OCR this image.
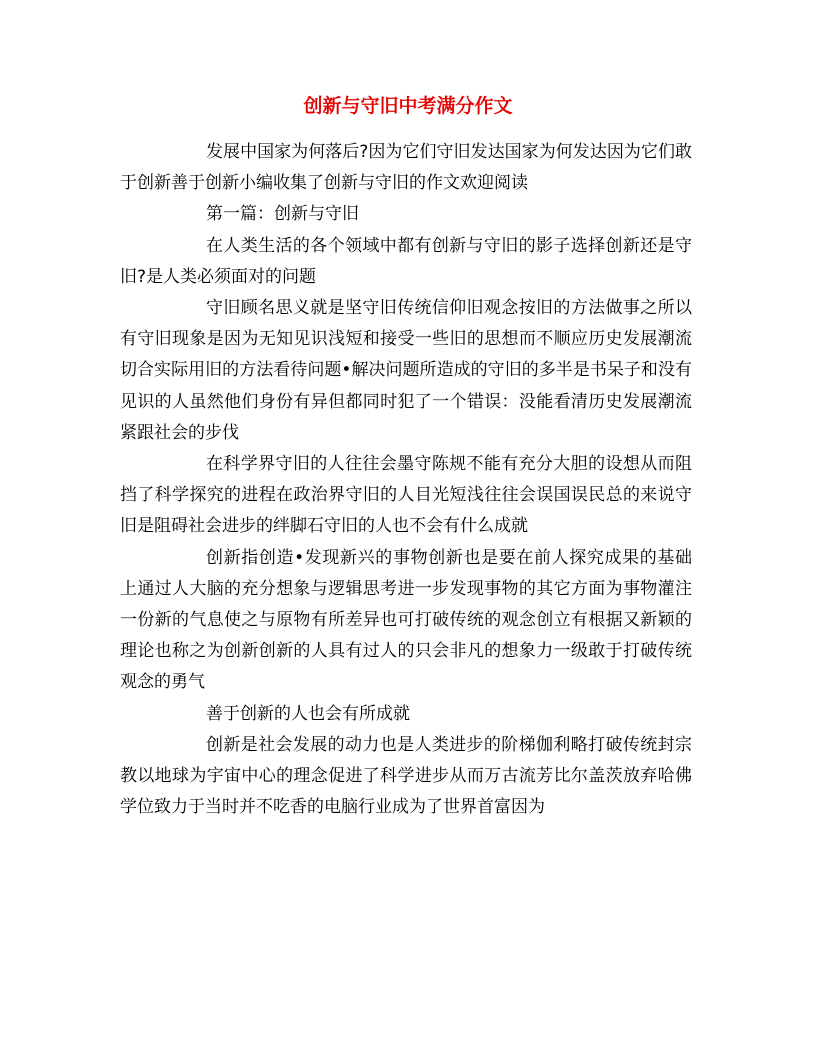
创新与守旧中考满分作文

发展中国家为何落后?因为它们守旧发达国家为何发达因为它们敢于创新善于创新小编收集了创新与守旧的作文欢迎阅读

第一篇：创新与守旧

在人类生活的各个领域中都有创新与守旧的影子选择创新还是守旧?是人类必须面对的问题

守旧顾名思义就是坚守旧传统信仰旧观念按旧的方法做事之所以有守旧现象是因为无知见识浅短和接受一些旧的思想而不顺应历史发展潮流切合实际用旧的方法看待问题•解决问题所造成的守旧的多半是书呆子和没有见识的人虽然他们身份有异但都同时犯了一个错误：没能看清历史发展潮流紧跟社会的步伐

在科学界守旧的人往往会墨守陈规不能有充分大胆的设想从而阻挡了科学探究的进程在政治界守旧的人目光短浅往往会误国误民总的来说守旧是阻碍社会进步的绊脚石守旧的人也不会有什么成就

创新指创造•发现新兴的事物创新也是要在前人探究成果的基础上通过人大脑的充分想象与逻辑思考进一步发现事物的其它方面为事物灌注一份新的气息使之与原物有所差异也可打破传统的观念创立有根据又新颖的理论也称之为创新创新的人具有过人的只会非凡的想象力一级敢于打破传统观念的勇气

善于创新的人也会有所成就

创新是社会发展的动力也是人类进步的阶梯伽利略打破传统封宗教以地球为宇宙中心的理念促进了科学进步从而万古流芳比尔盖茨放弃哈佛学位致力于当时并不吃香的电脑行业成为了世界首富因为
